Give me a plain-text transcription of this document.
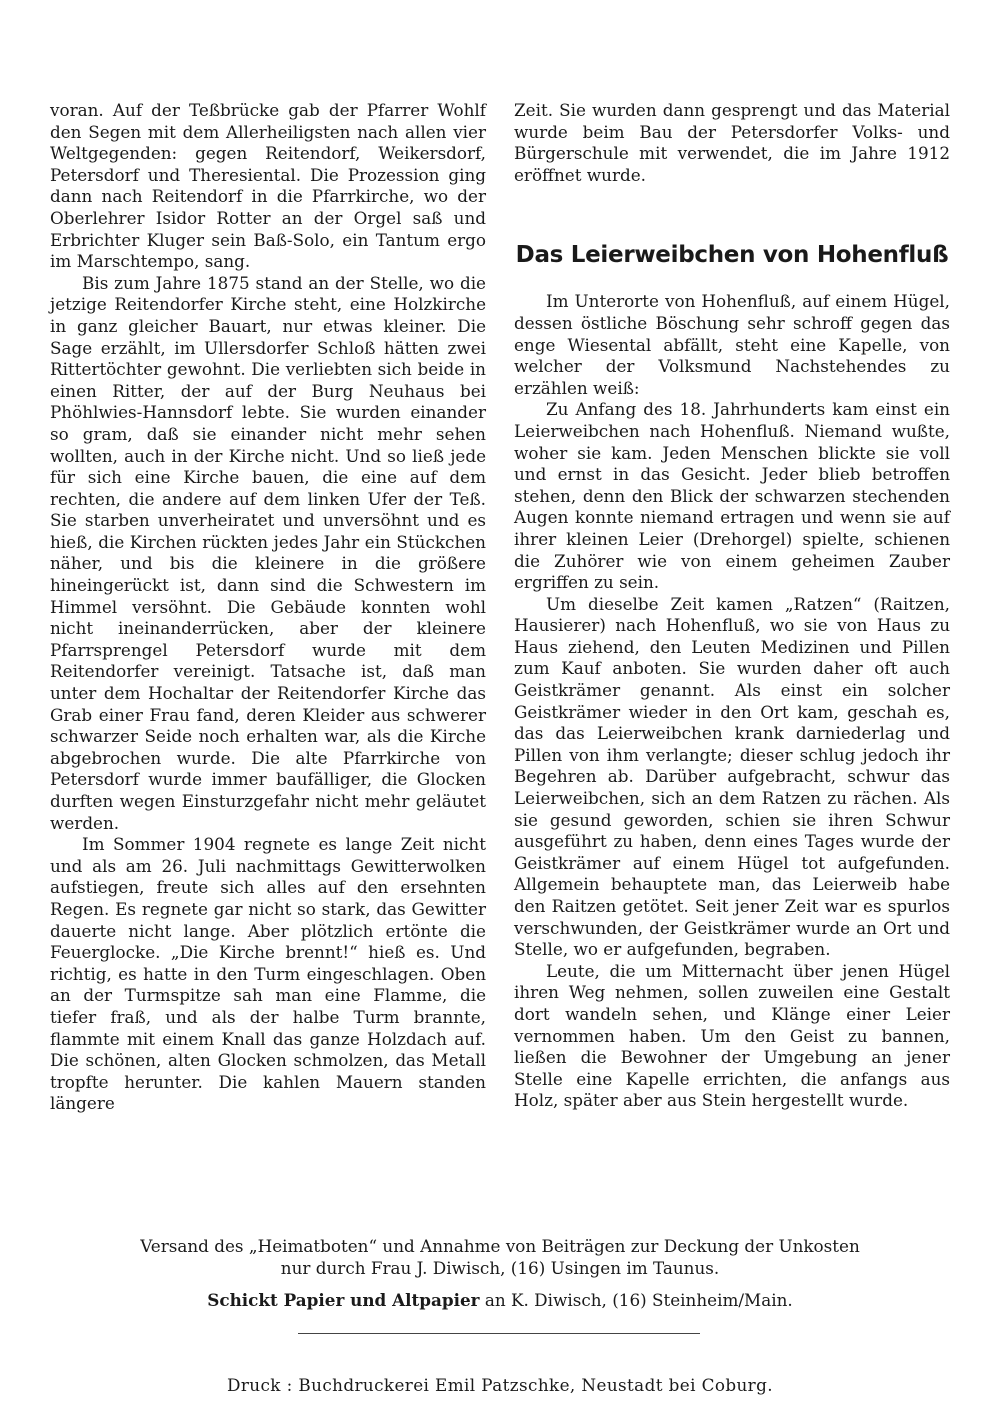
voran. Auf der Teßbrücke gab der Pfarrer Wohlf den Segen mit dem Allerheiligsten nach allen vier Weltgegenden: gegen Reitendorf, Weikersdorf, Petersdorf und Theresiental. Die Prozession ging dann nach Reitendorf in die Pfarrkirche, wo der Oberlehrer Isidor Rotter an der Orgel saß und Erbrichter Kluger sein Baß-Solo, ein Tantum ergo im Marschtempo, sang.

Bis zum Jahre 1875 stand an der Stelle, wo die jetzige Reitendorfer Kirche steht, eine Holzkirche in ganz gleicher Bauart, nur etwas kleiner. Die Sage erzählt, im Ullersdorfer Schloß hätten zwei Rittertöchter gewohnt. Die verliebten sich beide in einen Ritter, der auf der Burg Neuhaus bei Phöhlwies-Hannsdorf lebte. Sie wurden einander so gram, daß sie einander nicht mehr sehen wollten, auch in der Kirche nicht. Und so ließ jede für sich eine Kirche bauen, die eine auf dem rechten, die andere auf dem linken Ufer der Teß. Sie starben unverheiratet und unversöhnt und es hieß, die Kirchen rückten jedes Jahr ein Stückchen näher, und bis die kleinere in die größere hineingerückt ist, dann sind die Schwestern im Himmel versöhnt. Die Gebäude konnten wohl nicht ineinanderrücken, aber der kleinere Pfarrsprengel Petersdorf wurde mit dem Reitendorfer vereinigt. Tatsache ist, daß man unter dem Hochaltar der Reitendorfer Kirche das Grab einer Frau fand, deren Kleider aus schwerer schwarzer Seide noch erhalten war, als die Kirche abgebrochen wurde. Die alte Pfarrkirche von Petersdorf wurde immer baufälliger, die Glocken durften wegen Einsturzgefahr nicht mehr geläutet werden.

Im Sommer 1904 regnete es lange Zeit nicht und als am 26. Juli nachmittags Gewitterwolken aufstiegen, freute sich alles auf den ersehnten Regen. Es regnete gar nicht so stark, das Gewitter dauerte nicht lange. Aber plötzlich ertönte die Feuerglocke. „Die Kirche brennt!“ hieß es. Und richtig, es hatte in den Turm eingeschlagen. Oben an der Turmspitze sah man eine Flamme, die tiefer fraß, und als der halbe Turm brannte, flammte mit einem Knall das ganze Holzdach auf. Die schönen, alten Glocken schmolzen, das Metall tropfte herunter. Die kahlen Mauern standen längere

Zeit. Sie wurden dann gesprengt und das Material wurde beim Bau der Petersdorfer Volks- und Bürgerschule mit verwendet, die im Jahre 1912 eröffnet wurde.

Das Leierweibchen von Hohenfluß

Im Unterorte von Hohenfluß, auf einem Hügel, dessen östliche Böschung sehr schroff gegen das enge Wiesental abfällt, steht eine Kapelle, von welcher der Volksmund Nachstehendes zu erzählen weiß:

Zu Anfang des 18. Jahrhunderts kam einst ein Leierweibchen nach Hohenfluß. Niemand wußte, woher sie kam. Jeden Menschen blickte sie voll und ernst in das Gesicht. Jeder blieb betroffen stehen, denn den Blick der schwarzen stechenden Augen konnte niemand ertragen und wenn sie auf ihrer kleinen Leier (Drehorgel) spielte, schienen die Zuhörer wie von einem geheimen Zauber ergriffen zu sein.

Um dieselbe Zeit kamen „Ratzen“ (Raitzen, Hausierer) nach Hohenfluß, wo sie von Haus zu Haus ziehend, den Leuten Medizinen und Pillen zum Kauf anboten. Sie wurden daher oft auch Geistkrämer genannt. Als einst ein solcher Geistkrämer wieder in den Ort kam, geschah es, das das Leierweibchen krank darniederlag und Pillen von ihm verlangte; dieser schlug jedoch ihr Begehren ab. Darüber aufgebracht, schwur das Leierweibchen, sich an dem Ratzen zu rächen. Als sie gesund geworden, schien sie ihren Schwur ausgeführt zu haben, denn eines Tages wurde der Geistkrämer auf einem Hügel tot aufgefunden. Allgemein behauptete man, das Leierweib habe den Raitzen getötet. Seit jener Zeit war es spurlos verschwunden, der Geistkrämer wurde an Ort und Stelle, wo er aufgefunden, begraben.

Leute, die um Mitternacht über jenen Hügel ihren Weg nehmen, sollen zuweilen eine Gestalt dort wandeln sehen, und Klänge einer Leier vernommen haben. Um den Geist zu bannen, ließen die Bewohner der Umgebung an jener Stelle eine Kapelle errichten, die anfangs aus Holz, später aber aus Stein hergestellt wurde.

Versand des „Heimatboten“ und Annahme von Beiträgen zur Deckung der Unkosten
nur durch Frau J. Diwisch, (16) Usingen im Taunus.
Schickt Papier und Altpapier an K. Diwisch, (16) Steinheim/Main.
Druck : Buchdruckerei Emil Patzschke, Neustadt bei Coburg.
